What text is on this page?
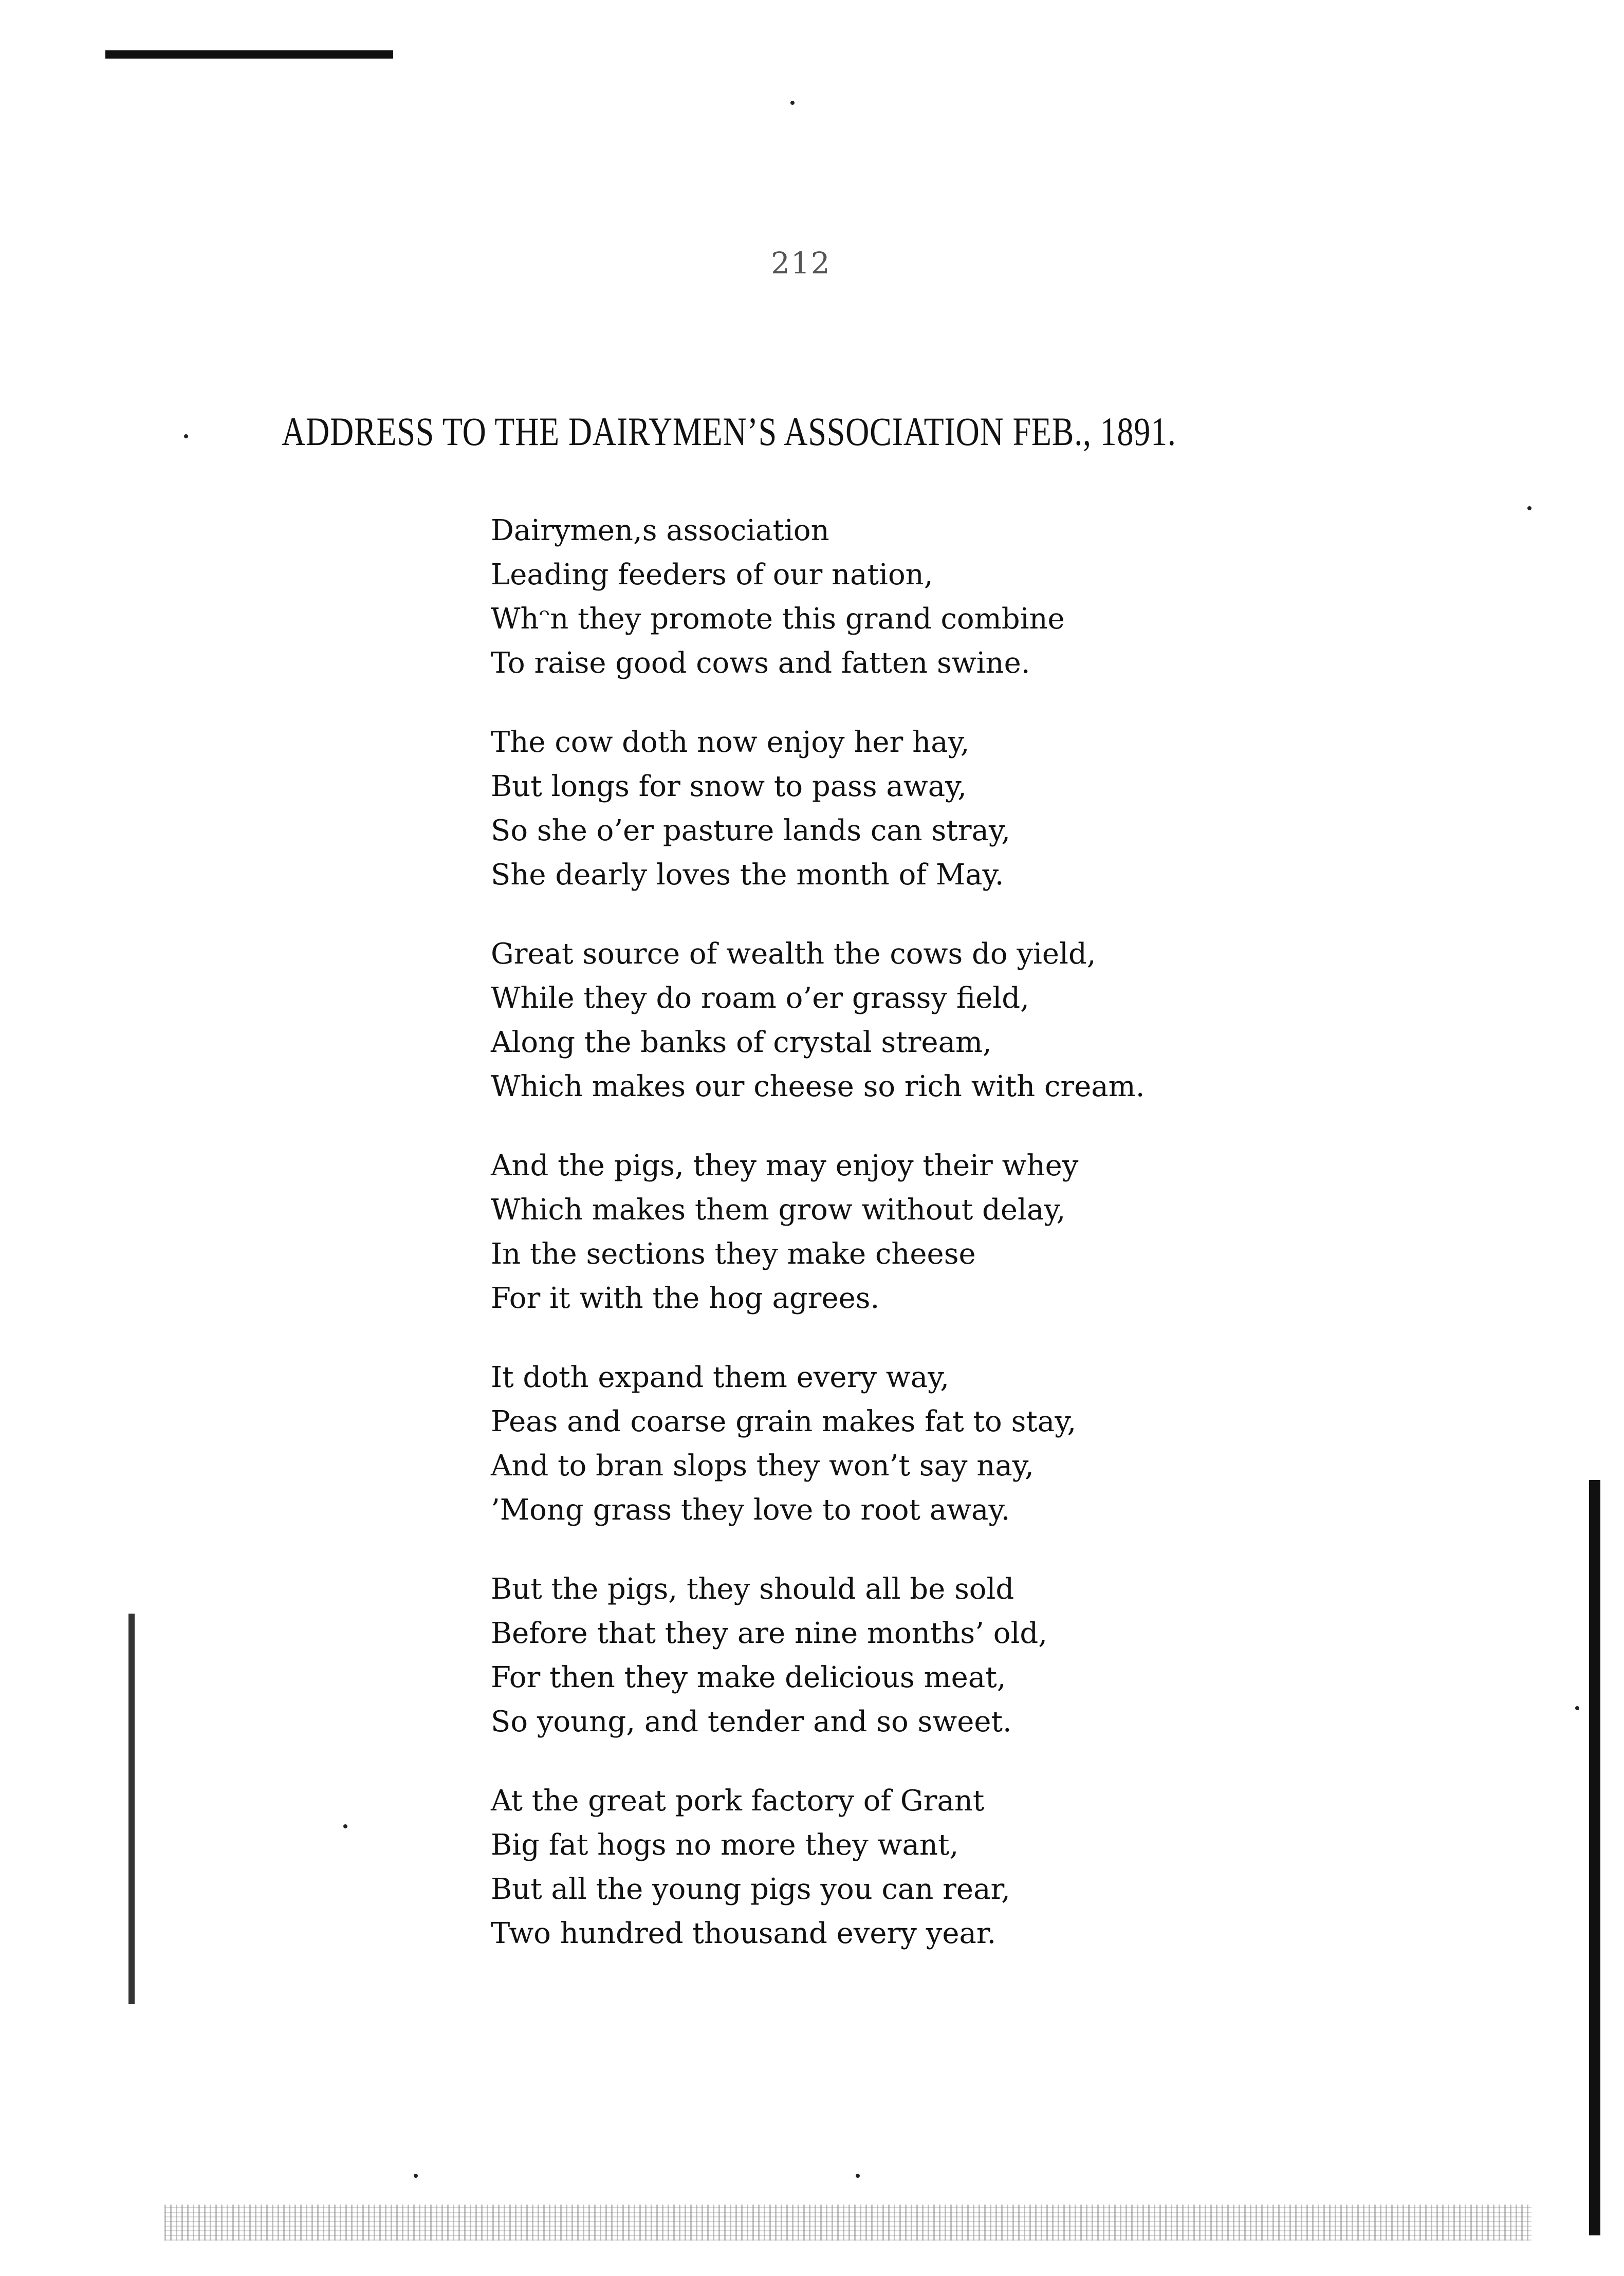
212
ADDRESS TO THE DAIRYMEN’S ASSOCIATION FEB., 1891.
Dairymen,s association
Leading feeders of our nation,
Whᵔn they promote this grand combine
To raise good cows and fatten swine.
The cow doth now enjoy her hay,
But longs for snow to pass away,
So she o’er pasture lands can stray,
She dearly loves the month of May.
Great source of wealth the cows do yield,
While they do roam o’er grassy field,
Along the banks of crystal stream,
Which makes our cheese so rich with cream.
And the pigs, they may enjoy their whey
Which makes them grow without delay,
In the sections they make cheese
For it with the hog agrees.
It doth expand them every way,
Peas and coarse grain makes fat to stay,
And to bran slops they won’t say nay,
’Mong grass they love to root away.
But the pigs, they should all be sold
Before that they are nine months’ old,
For then they make delicious meat,
So young, and tender and so sweet.
At the great pork factory of Grant
Big fat hogs no more they want,
But all the young pigs you can rear,
Two hundred thousand every year.
